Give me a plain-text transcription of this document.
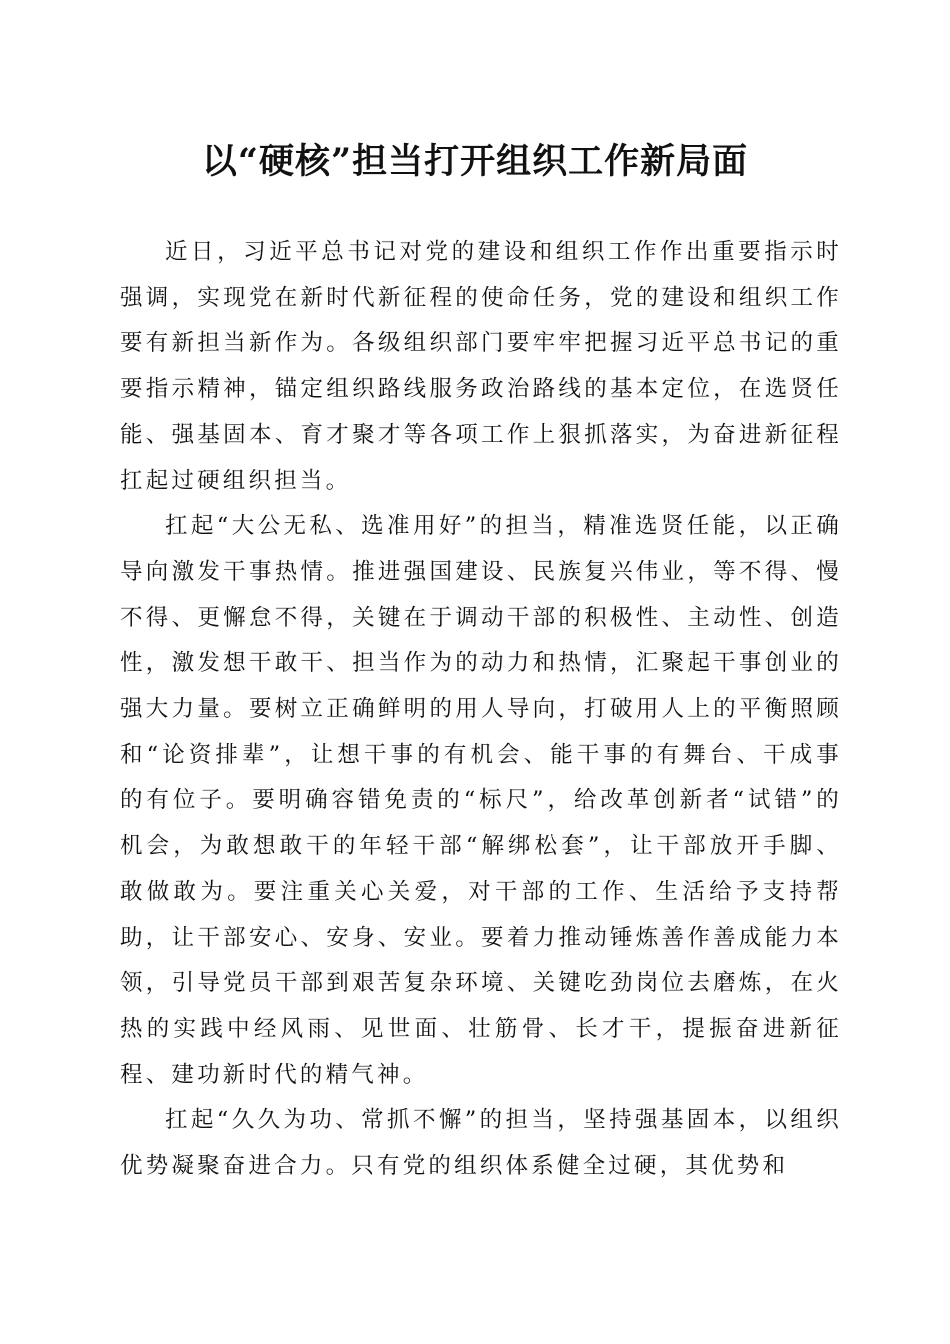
以“硬核”担当打开组织工作新局面

近日，习近平总书记对党的建设和组织工作作出重要指示时强调，实现党在新时代新征程的使命任务，党的建设和组织工作要有新担当新作为。各级组织部门要牢牢把握习近平总书记的重要指示精神，锚定组织路线服务政治路线的基本定位，在选贤任能、强基固本、育才聚才等各项工作上狠抓落实，为奋进新征程扛起过硬组织担当。

扛起“大公无私、选准用好”的担当，精准选贤任能，以正确导向激发干事热情。推进强国建设、民族复兴伟业，等不得、慢不得、更懈怠不得，关键在于调动干部的积极性、主动性、创造性，激发想干敢干、担当作为的动力和热情，汇聚起干事创业的强大力量。要树立正确鲜明的用人导向，打破用人上的平衡照顾和“论资排辈”，让想干事的有机会、能干事的有舞台、干成事的有位子。要明确容错免责的“标尺”，给改革创新者“试错”的机会，为敢想敢干的年轻干部“解绑松套”，让干部放开手脚、敢做敢为。要注重关心关爱，对干部的工作、生活给予支持帮助，让干部安心、安身、安业。要着力推动锤炼善作善成能力本领，引导党员干部到艰苦复杂环境、关键吃劲岗位去磨炼，在火热的实践中经风雨、见世面、壮筋骨、长才干，提振奋进新征程、建功新时代的精气神。

扛起“久久为功、常抓不懈”的担当，坚持强基固本，以组织优势凝聚奋进合力。只有党的组织体系健全过硬，其优势和
